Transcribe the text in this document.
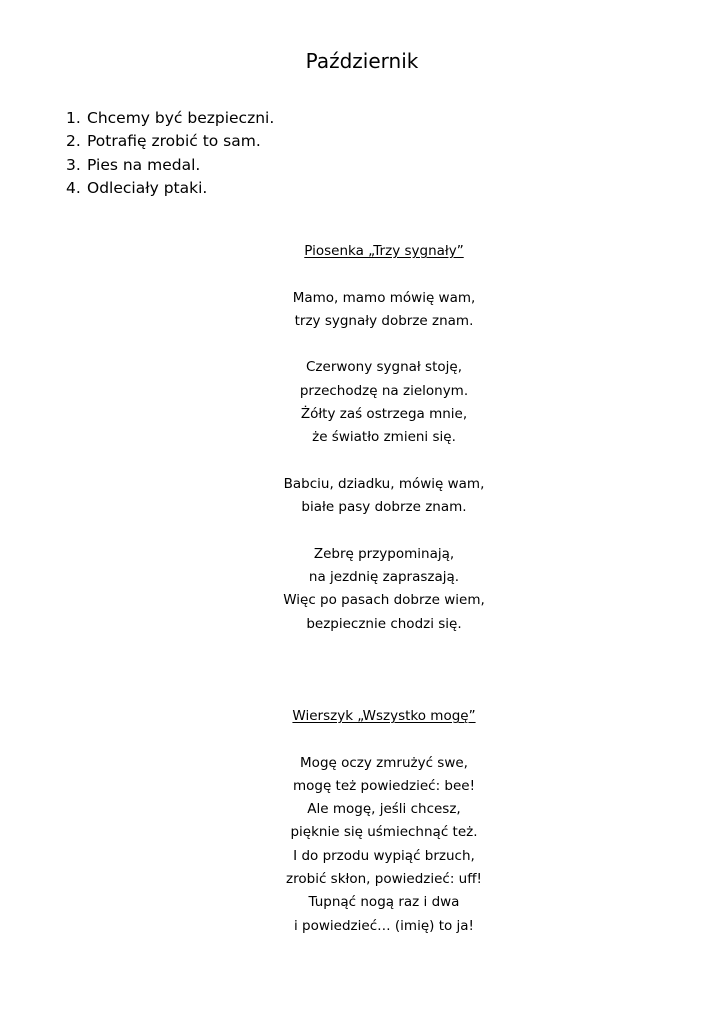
Październik
1. Chcemy być bezpieczni.
2. Potrafię zrobić to sam.
3. Pies na medal.
4. Odleciały ptaki.
Piosenka „Trzy sygnały”
Mamo, mamo mówię wam,
trzy sygnały dobrze znam.
Czerwony sygnał stoję,
przechodzę na zielonym.
Żółty zaś ostrzega mnie,
że światło zmieni się.
Babciu, dziadku, mówię wam,
białe pasy dobrze znam.
Zebrę przypominają,
na jezdnię zapraszają.
Więc po pasach dobrze wiem,
bezpiecznie chodzi się.
Wierszyk „Wszystko mogę”
Mogę oczy zmrużyć swe,
mogę też powiedzieć: bee!
Ale mogę, jeśli chcesz,
pięknie się uśmiechnąć też.
I do przodu wypiąć brzuch,
zrobić skłon, powiedzieć: uff!
Tupnąć nogą raz i dwa
i powiedzieć… (imię) to ja!
